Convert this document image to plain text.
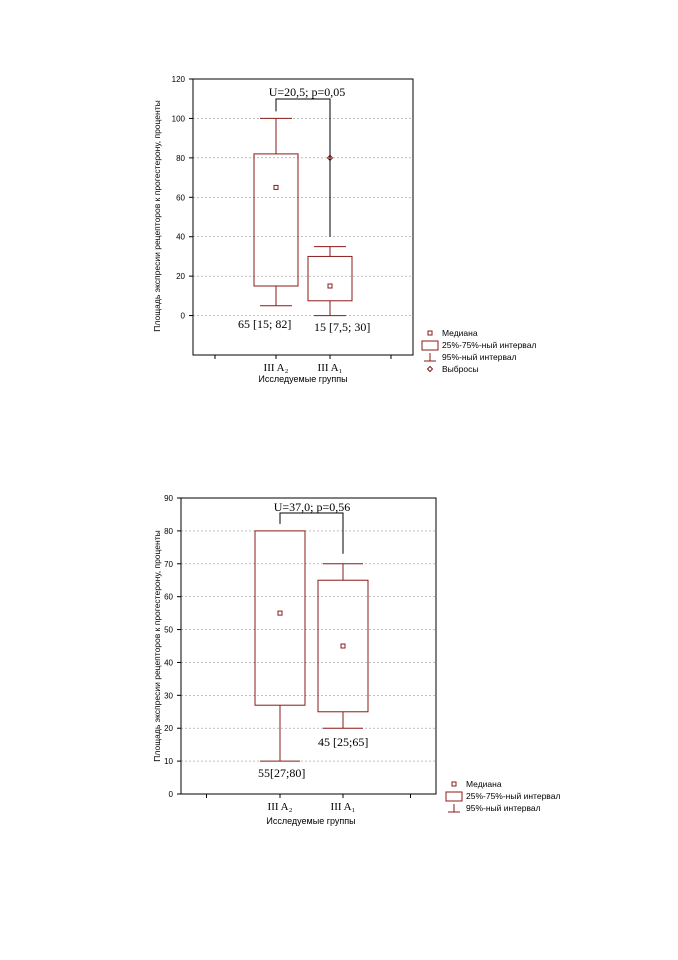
0
20
40
60
80
100
120
III A₂	III A₁
Площадь экспресии рецепторов к прогестерону, проценты
Исследуемые группы
65 [15; 82] 15 [7,5; 30]
U=20,5; p=0,05
Медиана
25%-75%-ный интервал
95%-ный интервал
Выбросы
0
10
20
30
40
50
60
70
80
90
III A₂	III A₁
Площадь экспресии рецепторов к прогестерону, проценты
Исследуемые группы
55[27;80]
45 [25;65]
U=37,0; p=0,56
Медиана
25%-75%-ный интервал
95%-ный интервал
